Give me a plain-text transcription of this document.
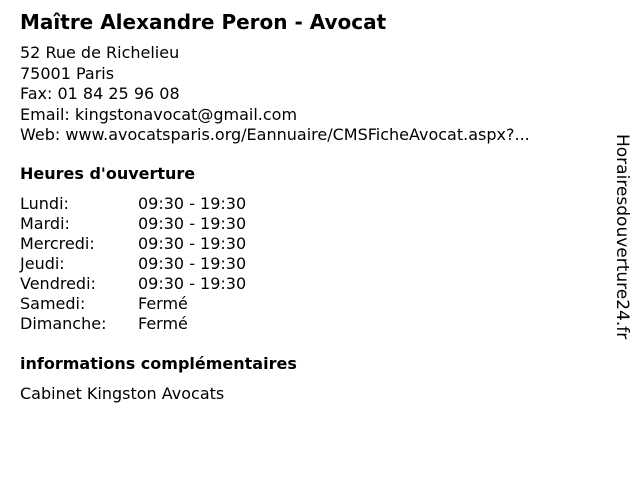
Maître Alexandre Peron - Avocat
52 Rue de Richelieu
75001 Paris
Fax: 01 84 25 96 08
Email: kingstonavocat@gmail.com
Web: www.avocatsparis.org/Eannuaire/CMSFicheAvocat.aspx?...
Heures d'ouverture
Lundi:	09:30 - 19:30
Mardi:	09:30 - 19:30
Mercredi:	09:30 - 19:30
Jeudi:	09:30 - 19:30
Vendredi:	09:30 - 19:30
Samedi:	Fermé
Dimanche:	Fermé
informations complémentaires
Cabinet Kingston Avocats
Horairesdouverture24.fr
